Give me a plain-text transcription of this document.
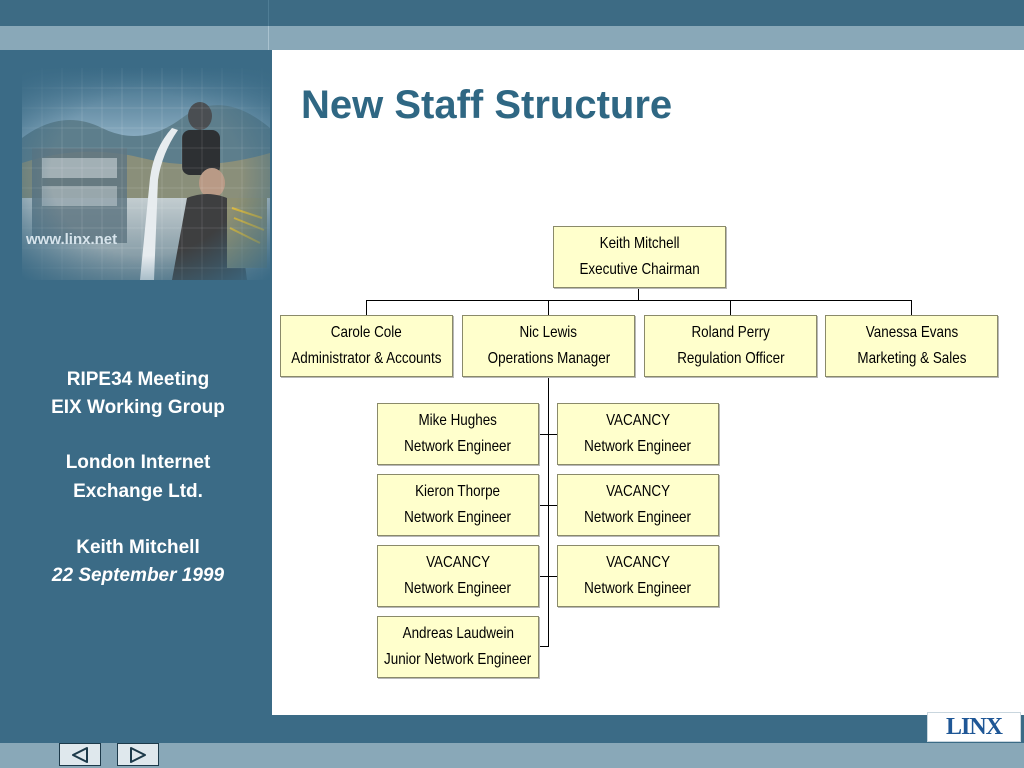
www.linx.net
RIPE34 Meeting
EIX Working Group
London Internet
Exchange Ltd.
Keith Mitchell
22 September 1999
New Staff Structure
Keith Mitchell
Executive Chairman
Carole Cole
Administrator & Accounts
Nic Lewis
Operations Manager
Roland Perry
Regulation Officer
Vanessa Evans
Marketing & Sales
Mike Hughes
Network Engineer
Kieron Thorpe
Network Engineer
VACANCY
Network Engineer
Andreas Laudwein
Junior Network Engineer
VACANCY
Network Engineer
VACANCY
Network Engineer
VACANCY
Network Engineer
LINX
